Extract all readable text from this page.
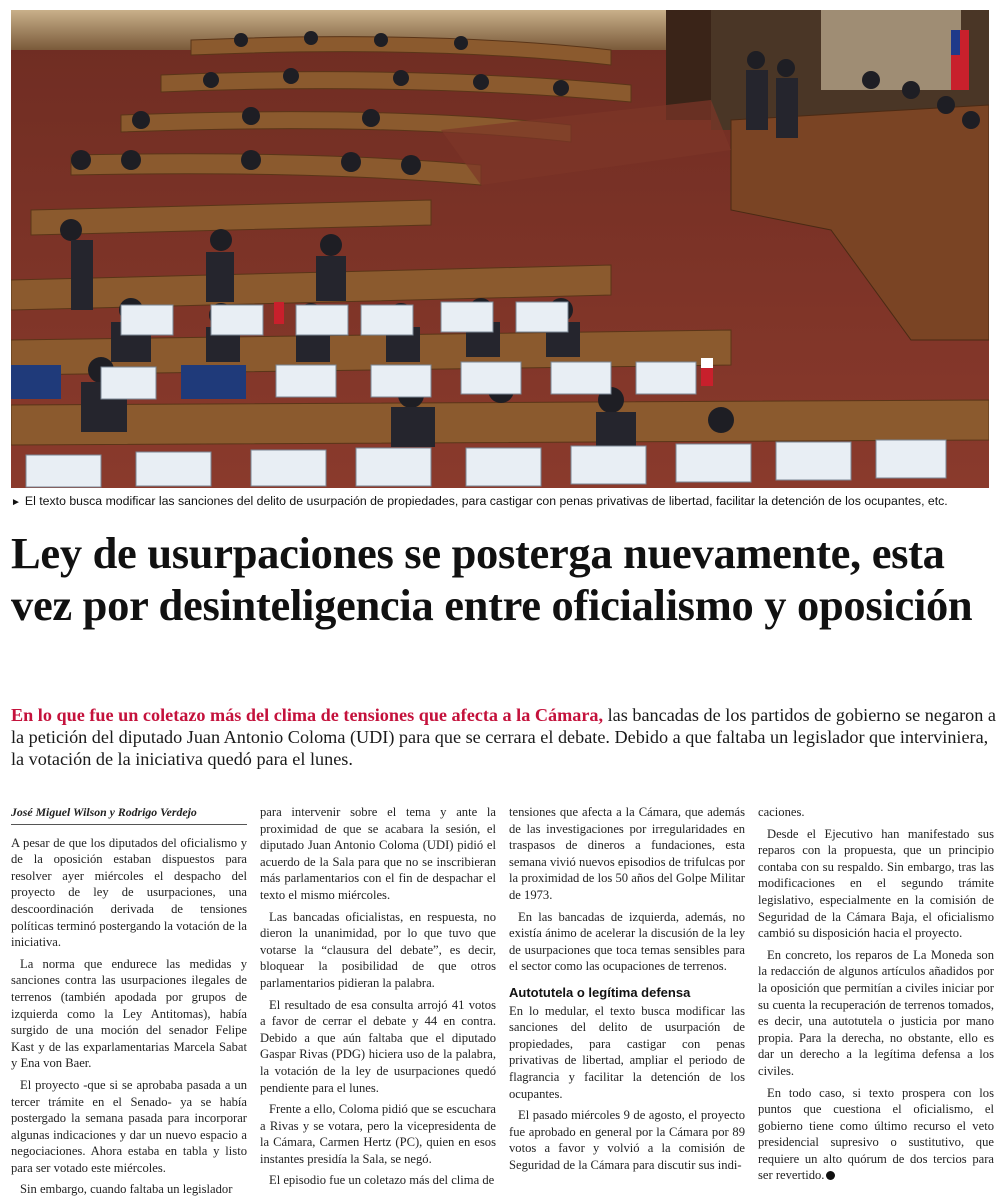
► El texto busca modificar las sanciones del delito de usurpación de propiedades, para castigar con penas privativas de libertad, facilitar la detención de los ocupantes, etc.
Ley de usurpaciones se posterga nuevamente, esta vez por desinteligencia entre oficialismo y oposición

En lo que fue un coletazo más del clima de tensiones que afecta a la Cámara, las bancadas de los partidos de gobierno se negaron a la petición del diputado Juan Antonio Coloma (UDI) para que se cerrara el debate. Debido a que faltaba un legislador que interviniera, la votación de la iniciativa quedó para el lunes.

José Miguel Wilson y Rodrigo Verdejo

A pesar de que los diputados del oficialismo y de la oposición estaban dispuestos para resolver ayer miércoles el despacho del proyecto de ley de usurpaciones, una descoordinación derivada de tensiones políticas terminó postergando la votación de la iniciativa.

La norma que endurece las medidas y sanciones contra las usurpaciones ilegales de terrenos (también apodada por grupos de izquierda como la Ley Antitomas), había surgido de una moción del senador Felipe Kast y de las exparlamentarias Marcela Sabat y Ena von Baer.

El proyecto -que si se aprobaba pasada a un tercer trámite en el Senado- ya se había postergado la semana pasada para incorporar algunas indicaciones y dar un nuevo espacio a negociaciones. Ahora estaba en tabla y listo para ser votado este miércoles.

Sin embargo, cuando faltaba un legislador

para intervenir sobre el tema y ante la proximidad de que se acabara la sesión, el diputado Juan Antonio Coloma (UDI) pidió el acuerdo de la Sala para que no se inscribieran más parlamentarios con el fin de despachar el texto el mismo miércoles.

Las bancadas oficialistas, en respuesta, no dieron la unanimidad, por lo que tuvo que votarse la “clausura del debate”, es decir, bloquear la posibilidad de que otros parlamentarios pidieran la palabra.

El resultado de esa consulta arrojó 41 votos a favor de cerrar el debate y 44 en contra. Debido a que aún faltaba que el diputado Gaspar Rivas (PDG) hiciera uso de la palabra, la votación de la ley de usurpaciones quedó pendiente para el lunes.

Frente a ello, Coloma pidió que se escuchara a Rivas y se votara, pero la vicepresidenta de la Cámara, Carmen Hertz (PC), quien en esos instantes presidía la Sala, se negó.

El episodio fue un coletazo más del clima de

tensiones que afecta a la Cámara, que además de las investigaciones por irregularidades en traspasos de dineros a fundaciones, esta semana vivió nuevos episodios de trifulcas por la proximidad de los 50 años del Golpe Militar de 1973.

En las bancadas de izquierda, además, no existía ánimo de acelerar la discusión de la ley de usurpaciones que toca temas sensibles para el sector como las ocupaciones de terrenos.

Autotutela o legítima defensa

En lo medular, el texto busca modificar las sanciones del delito de usurpación de propiedades, para castigar con penas privativas de libertad, ampliar el periodo de flagrancia y facilitar la detención de los ocupantes.

El pasado miércoles 9 de agosto, el proyecto fue aprobado en general por la Cámara por 89 votos a favor y volvió a la comisión de Seguridad de la Cámara para discutir sus indi-

caciones.

Desde el Ejecutivo han manifestado sus reparos con la propuesta, que un principio contaba con su respaldo. Sin embargo, tras las modificaciones en el segundo trámite legislativo, especialmente en la comisión de Seguridad de la Cámara Baja, el oficialismo cambió su disposición hacia el proyecto.

En concreto, los reparos de La Moneda son la redacción de algunos artículos añadidos por la oposición que permitían a civiles iniciar por su cuenta la recuperación de terrenos tomados, es decir, una autotutela o justicia por mano propia. Para la derecha, no obstante, ello es dar un derecho a la legítima defensa a los civiles.

En todo caso, si texto prospera con los puntos que cuestiona el oficialismo, el gobierno tiene como último recurso el veto presidencial supresivo o sustitutivo, que requiere un alto quórum de dos tercios para ser revertido.
